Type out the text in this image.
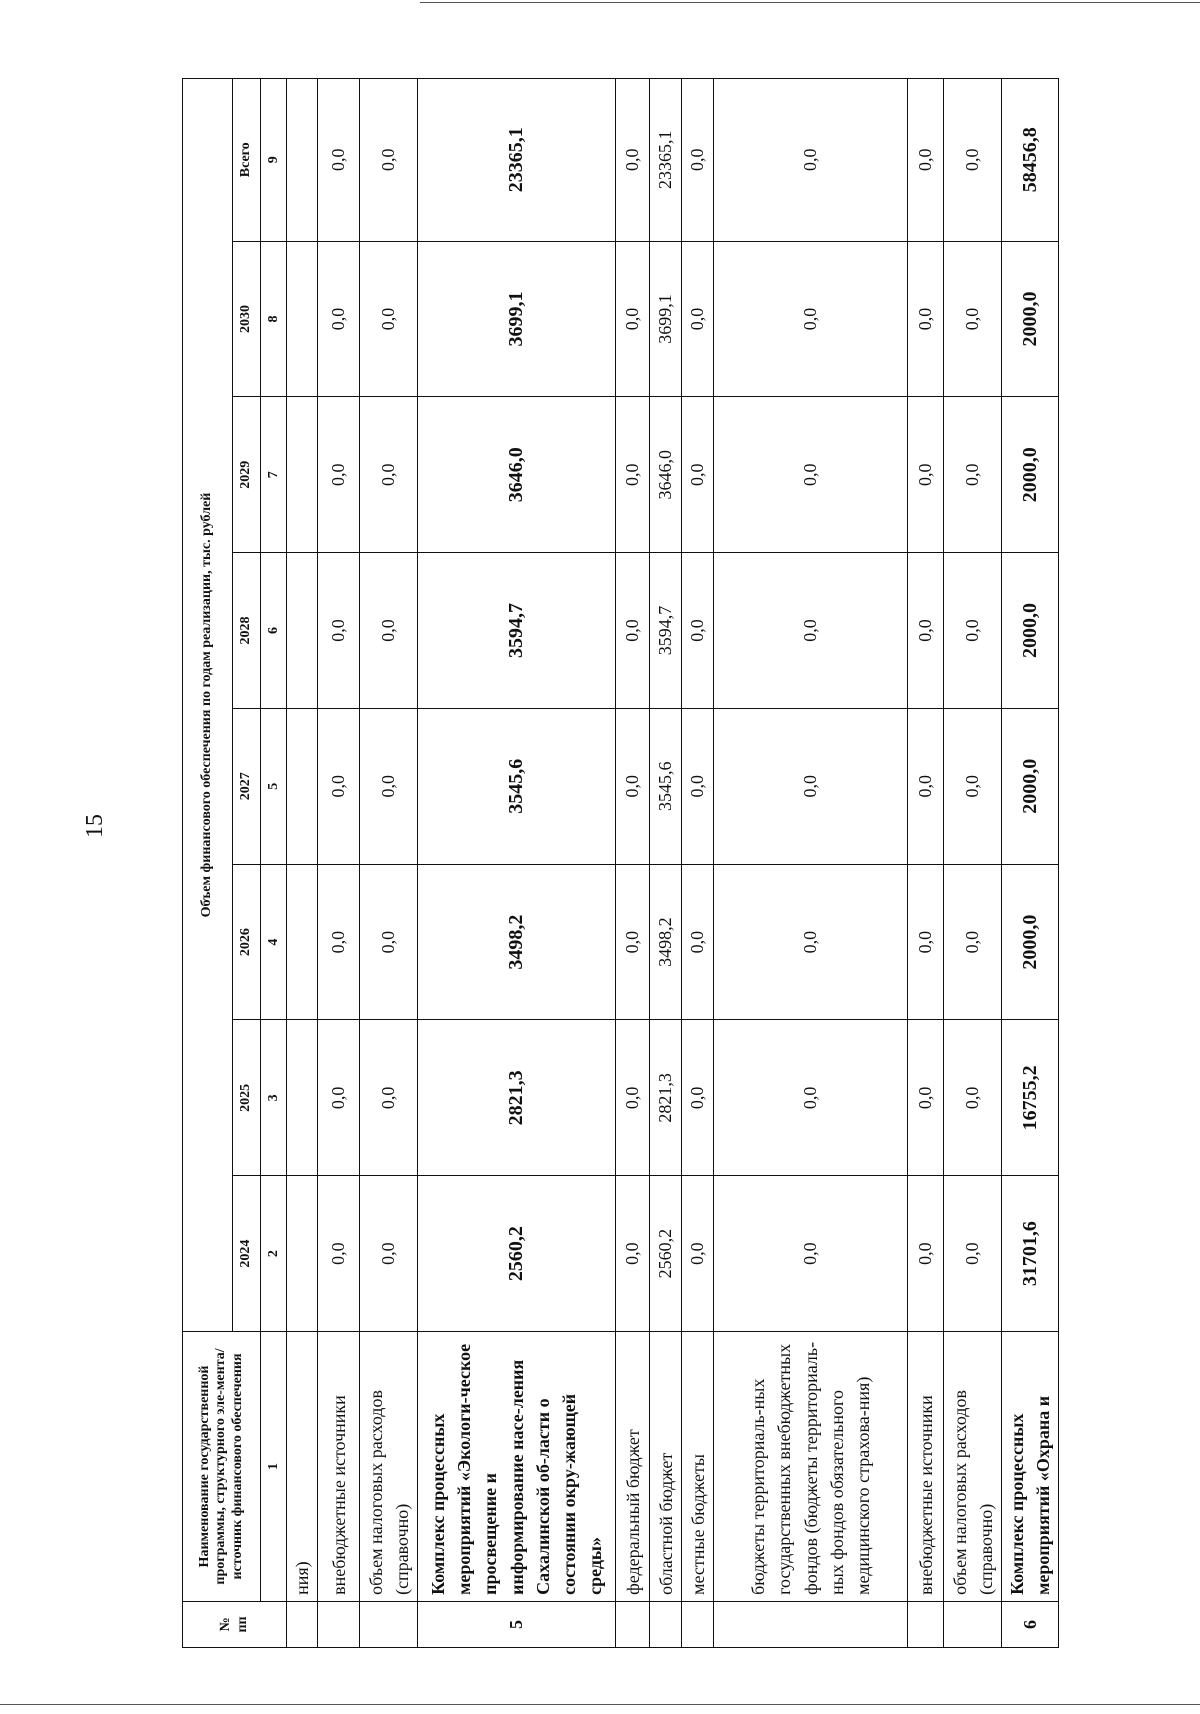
15
№ пп	Наименование государственной программы, структурного эле-мента/источник финансового обеспечения	Объем финансового обеспечения по годам реализации, тыс. рублей							
		2024	2025	2026	2027	2028	2029	2030	Всего
	1	2	3	4	5	6	7	8	9
	ния)								
	внебюджетные источники	0,0	0,0	0,0	0,0	0,0	0,0	0,0	0,0
	объем налоговых расходов (справочно)	0,0	0,0	0,0	0,0	0,0	0,0	0,0	0,0
5	Комплекс процессных мероприятий «Экологи-ческое просвещение и информирование насе-ления Сахалинской об-ласти о состоянии окру-жающей среды»	2560,2	2821,3	3498,2	3545,6	3594,7	3646,0	3699,1	23365,1
	федеральный бюджет	0,0	0,0	0,0	0,0	0,0	0,0	0,0	0,0
	областной бюджет	2560,2	2821,3	3498,2	3545,6	3594,7	3646,0	3699,1	23365,1
	местные бюджеты	0,0	0,0	0,0	0,0	0,0	0,0	0,0	0,0
	бюджеты территориаль-ных государственных внебюджетных фондов (бюджеты территориаль-ных фондов обязательного медицинского страхова-ния)	0,0	0,0	0,0	0,0	0,0	0,0	0,0	0,0
	внебюджетные источники	0,0	0,0	0,0	0,0	0,0	0,0	0,0	0,0
	объем налоговых расходов (справочно)	0,0	0,0	0,0	0,0	0,0	0,0	0,0	0,0
6	Комплекс процессных мероприятий «Охрана и	31701,6	16755,2	2000,0	2000,0	2000,0	2000,0	2000,0	58456,8
